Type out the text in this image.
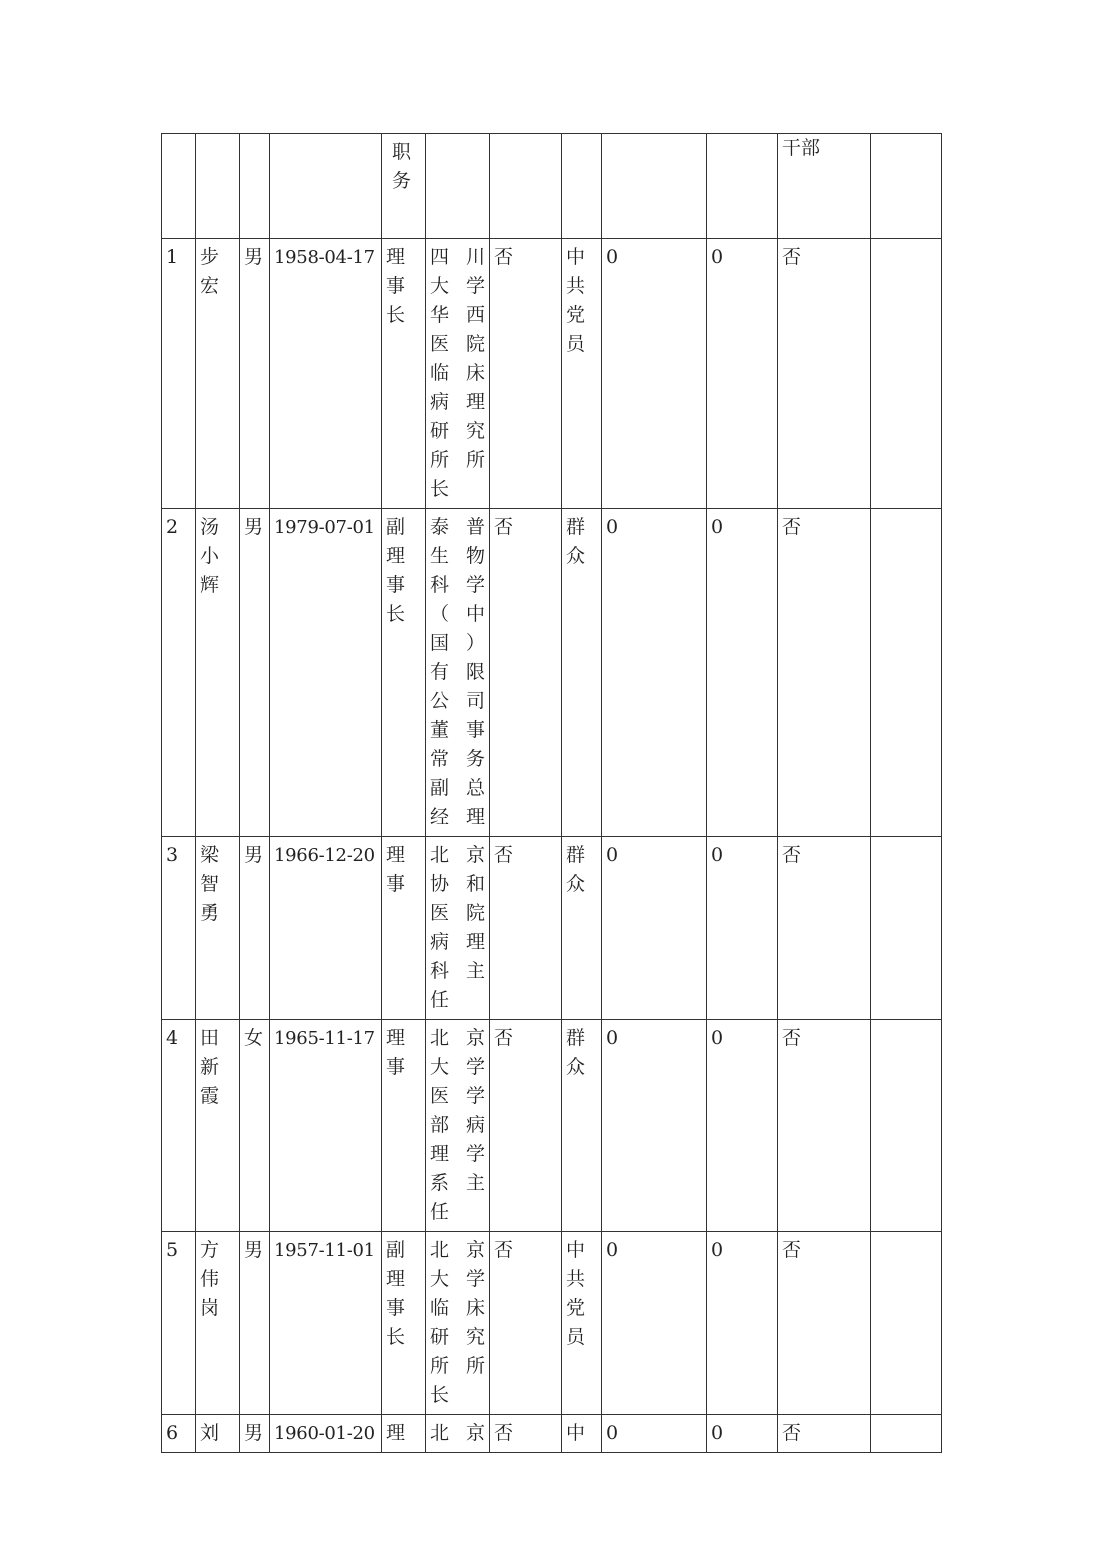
				职务						干部	
1	步宏	男	1958-04-17	理事长	四川大学华西医院临床病理研究所所长	否	中共党员	0	0	否	
2	汤小辉	男	1979-07-01	副理事长	泰普生物科学（中国）有限公司董事常务副总经理	否	群众	0	0	否	
3	梁智勇	男	1966-12-20	理事	北京协和医院病理科主任	否	群众	0	0	否	
4	田新霞	女	1965-11-17	理事	北京大学医学部病理学系主任	否	群众	0	0	否	
5	方伟岗	男	1957-11-01	副理事长	北京大学临床研究所所长	否	中共党员	0	0	否	
6	刘	男	1960-01-20	理	北京	否	中	0	0	否	
